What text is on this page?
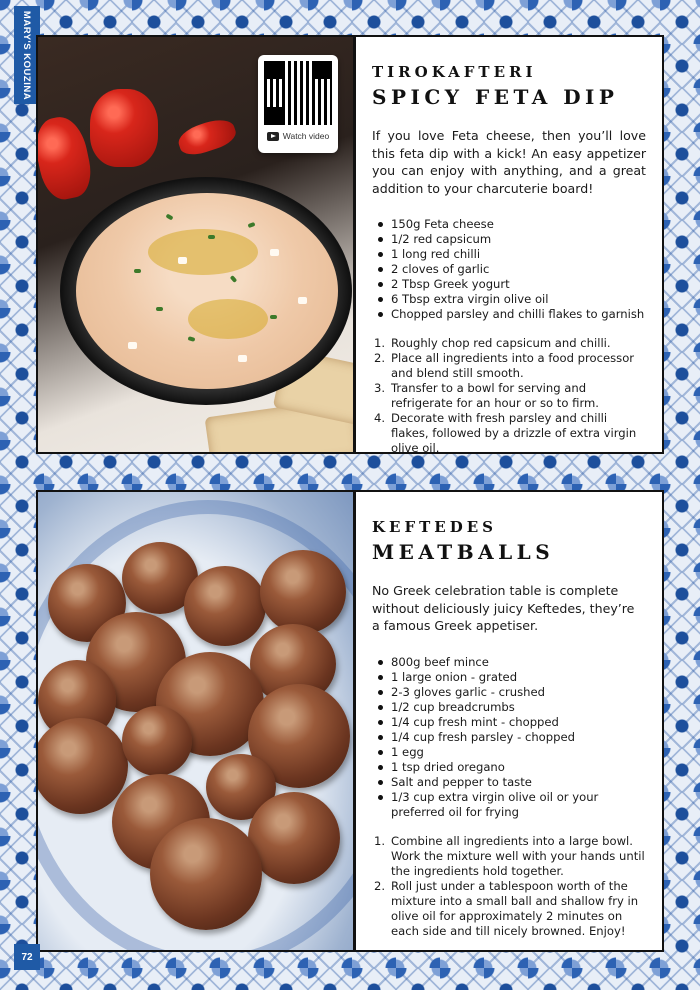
MARY'S KOUZINA
Watch video
TIROKAFTERI
SPICY FETA DIP

If you love Feta cheese, then you’ll love this feta dip with a kick! An easy appetizer you can enjoy with anything, and a great addition to your charcuterie board!

150g Feta cheese
1/2 red capsicum
1 long red chilli
2 cloves of garlic
2 Tbsp Greek yogurt
6 Tbsp extra virgin olive oil
Chopped parsley and chilli flakes to garnish
Roughly chop red capsicum and chilli.
Place all ingredients into a food processor and blend still smooth.
Transfer to a bowl for serving and refrigerate for an hour or so to firm.
Decorate with fresh parsley and chilli flakes, followed by a drizzle of extra virgin olive oil.
KEFTEDES
MEATBALLS

No Greek celebration table is complete without deliciously juicy Keftedes, they’re a famous Greek appetiser.

800g beef mince
1 large onion - grated
2-3 gloves garlic - crushed
1/2 cup breadcrumbs
1/4 cup fresh mint - chopped
1/4 cup fresh parsley - chopped
1 egg
1 tsp dried oregano
Salt and pepper to taste
1/3 cup extra virgin olive oil or your preferred oil for frying
Combine all ingredients into a large bowl. Work the mixture well with your hands until the ingredients hold together.
Roll just under a tablespoon worth of the mixture into a small ball and shallow fry in olive oil for approximately 2 minutes on each side and till nicely browned. Enjoy!
72
